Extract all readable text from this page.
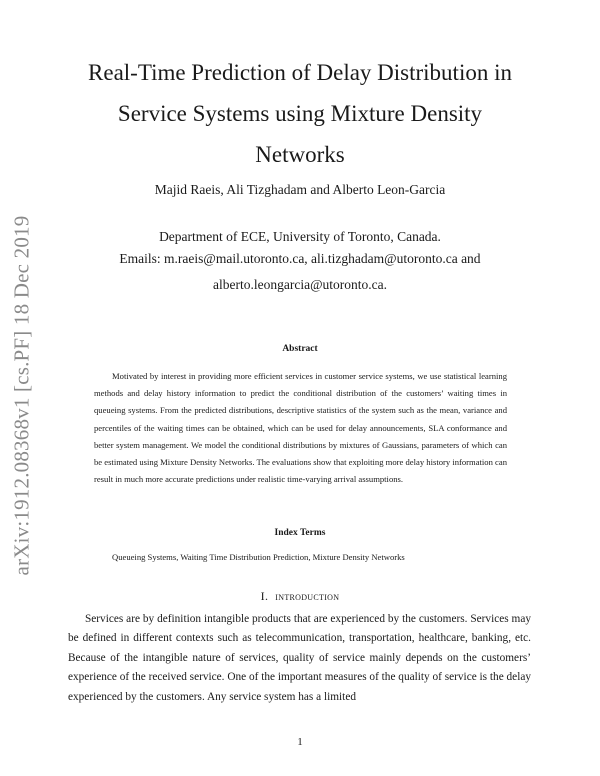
arXiv:1912.08368v1 [cs.PF] 18 Dec 2019
Real-Time Prediction of Delay Distribution in
Service Systems using Mixture Density
Networks
Majid Raeis, Ali Tizghadam and Alberto Leon-Garcia
Department of ECE, University of Toronto, Canada.
Emails: m.raeis@mail.utoronto.ca, ali.tizghadam@utoronto.ca and
alberto.leongarcia@utoronto.ca.
Abstract

Motivated by interest in providing more efficient services in customer service systems, we use statistical learning methods and delay history information to predict the conditional distribution of the customers’ waiting times in queueing systems. From the predicted distributions, descriptive statistics of the system such as the mean, variance and percentiles of the waiting times can be obtained, which can be used for delay announcements, SLA conformance and better system management. We model the conditional distributions by mixtures of Gaussians, parameters of which can be estimated using Mixture Density Networks. The evaluations show that exploiting more delay history information can result in much more accurate predictions under realistic time-varying arrival assumptions.

Index Terms
Queueing Systems, Waiting Time Distribution Prediction, Mixture Density Networks
I. introduction

Services are by definition intangible products that are experienced by the customers. Services may be defined in different contexts such as telecommunication, transportation, healthcare, banking, etc. Because of the intangible nature of services, quality of service mainly depends on the customers’ experience of the received service. One of the important measures of the quality of service is the delay experienced by the customers. Any service system has a limited

1
